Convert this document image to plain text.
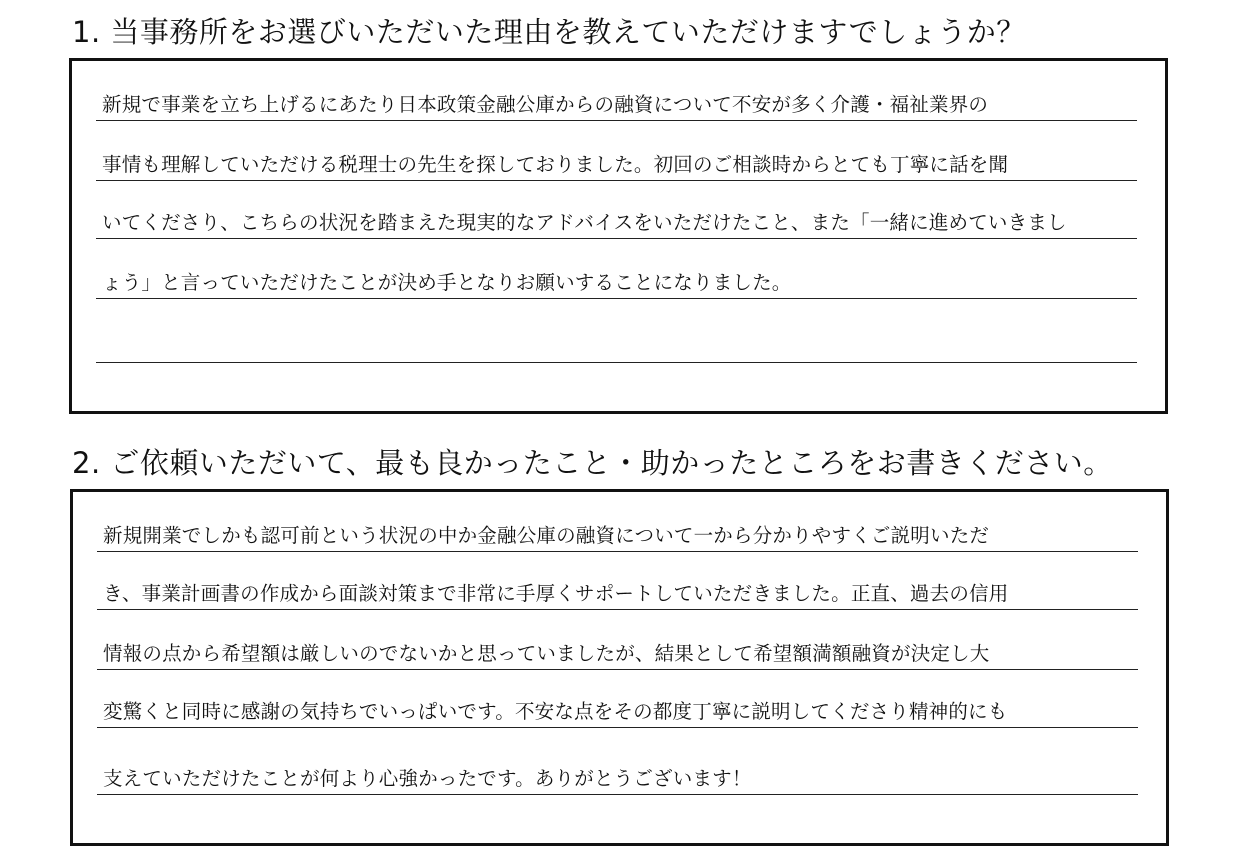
1. 当事務所をお選びいただいた理由を教えていただけますでしょうか？
新規で事業を立ち上げるにあたり日本政策金融公庫からの融資について不安が多く介護・福祉業界の
事情も理解していただける税理士の先生を探しておりました。初回のご相談時からとても丁寧に話を聞
いてくださり、こちらの状況を踏まえた現実的なアドバイスをいただけたこと、また「一緒に進めていきまし
ょう」と言っていただけたことが決め手となりお願いすることになりました。
2. ご依頼いただいて、最も良かったこと・助かったところをお書きください。
新規開業でしかも認可前という状況の中か金融公庫の融資について一から分かりやすくご説明いただ
き、事業計画書の作成から面談対策まで非常に手厚くサポートしていただきました。正直、過去の信用
情報の点から希望額は厳しいのでないかと思っていましたが、結果として希望額満額融資が決定し大
変驚くと同時に感謝の気持ちでいっぱいです。不安な点をその都度丁寧に説明してくださり精神的にも
支えていただけたことが何より心強かったです。ありがとうございます！
